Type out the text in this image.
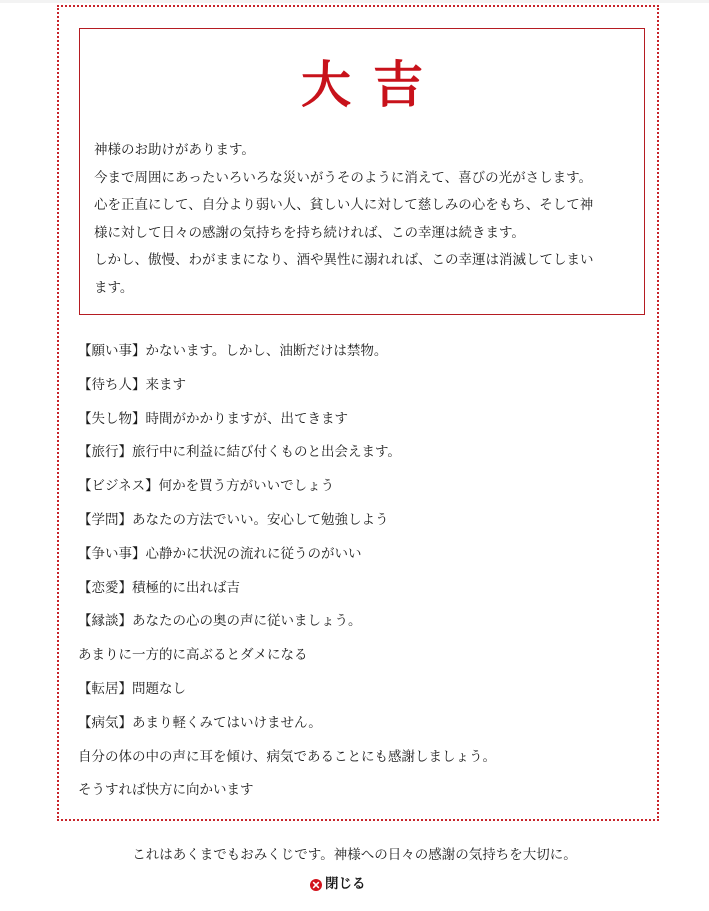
大吉

神様のお助けがあります。

今まで周囲にあったいろいろな災いがうそのように消えて、喜びの光がさします。

心を正直にして、自分より弱い人、貧しい人に対して慈しみの心をもち、そして神

様に対して日々の感謝の気持ちを持ち続ければ、この幸運は続きます。

しかし、傲慢、わがままになり、酒や異性に溺れれば、この幸運は消滅してしまい

ます。

【願い事】かないます。しかし、油断だけは禁物。
【待ち人】来ます
【失し物】時間がかかりますが、出てきます
【旅行】旅行中に利益に結び付くものと出会えます。
【ビジネス】何かを買う方がいいでしょう
【学問】あなたの方法でいい。安心して勉強しよう
【争い事】心静かに状況の流れに従うのがいい
【恋愛】積極的に出れば吉
【縁談】あなたの心の奥の声に従いましょう。
あまりに一方的に高ぶるとダメになる
【転居】問題なし
【病気】あまり軽くみてはいけません。
自分の体の中の声に耳を傾け、病気であることにも感謝しましょう。
そうすれば快方に向かいます
これはあくまでもおみくじです。神様への日々の感謝の気持ちを大切に。
閉じる
